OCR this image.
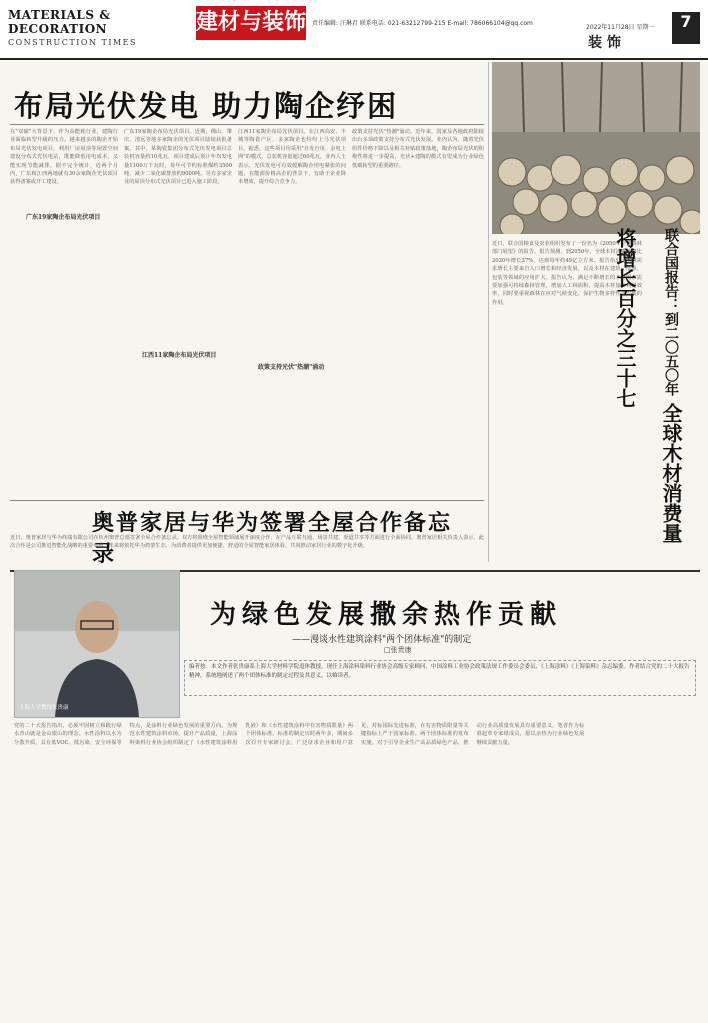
MATERIALS & DECORATION
CONSTRUCTION TIMES
建材与装饰 责任编辑: 汪琳君 联系电话: 021-63212799-215 E-mail: 786066104@qq.com
2022年11月28日 星期一
装 饰
7
布局光伏发电 助力陶企纾困
在"双碳"大背景下，作为高能耗行业，建陶行业面临转型升级的压力。越来越多的陶企开始布局光伏发电项目，利用厂房屋顶等闲置空间建设分布式光伏电站，既能降低用电成本，又能实现节能减排。据不完全统计，近两个月内，广东和江西两地就有30余家陶企光伏项目获得备案或开工建设。
广东19家陶企布局光伏项目
广东19家陶企布局光伏项目。近期，佛山、肇庆、清远等地多家陶企的光伏项目陆续获批备案。其中，某陶瓷集团分布式光伏发电项目总装机容量约10兆瓦，项目建成后预计年均发电量1100万千瓦时，每年可节约标准煤约3500吨，减少二氧化碳排放约9000吨。另有多家企业的屋顶分布式光伏项目已进入施工阶段。
江西11家陶企布局光伏项目
江西11家陶企布局光伏项目。在江西高安、丰城等陶瓷产区，多家陶企也纷纷上马光伏项目。据悉，这些项目均采用"自发自用、余电上网"的模式，总装机容量超过60兆瓦。业内人士表示，光伏发电可有效缓解陶企用电紧张的问题，在能源价格高企的背景下，有助于企业降本增效，提升综合竞争力。
政策支持光伏"热潮"涌动
政策支持光伏"热潮"涌动。近年来，国家及各地政府陆续出台多项政策支持分布式光伏发展。业内认为，随着光伏组件价格下降以及相关补贴政策落地，陶企布局光伏的积极性将进一步提高，光伏+建陶的模式有望成为行业绿色低碳转型的重要路径。
近日，联合国粮食及农业组织发布了一份名为《2050年全球森林部门展望》的报告。报告预测，到2050年，全球木材消费量将比2020年增长37%，达到每年约49亿立方米。报告指出，木材需求增长主要来自人口增长和经济发展，以及木材在建筑、能源、包装等领域的应用扩大。报告认为，满足不断增长的木材需求需要加强可持续森林管理，增加人工林面积，提高木材加工利用效率，同时要重视森林在应对气候变化、保护生物多样性等方面的作用。	联合国报告：到二〇五〇年 全球木材消费量将增长百分之三十七
奥普家居与华为签署全屋合作备忘录
近日，奥普家居与华为终端有限公司在杭州奥普总部签署全屋合作备忘录。双方将围绕全屋智能领域展开深度合作，在产品互联互通、场景共建、渠道共享等方面进行全面协同。奥普家居相关负责人表示，此次合作是公司推进智能化战略的重要举措，未来将依托华为鸿蒙生态，为消费者提供更加便捷、舒适的全屋智能家居体验，共同推动家居行业的数字化升级。
上海大学教授张贵康
为绿色发展撒余热作贡献
——漫谈水性建筑涂料"两个团体标准"的制定
□张贵康
编者按：本文作者张贵康系上海大学材料学院退休教授，现任上海涂料染料行业协会高级专家顾问、中国涂料工业协会政策法规工作委员会委员、《上海涂料》《上海染料》杂志编委。作者结合党的二十大报告精神，系统地阐述了两个团体标准的制定过程及其意义，以飨读者。
党的二十大报告指出，必须牢固树立和践行绿水青山就是金山银山的理念。水性涂料以水为分散介质，具有低VOC、低污染、安全环保等特点，是涂料行业绿色发展的重要方向。为规范水性建筑涂料市场，提升产品质量，上海涂料染料行业协会组织制定了《水性建筑涂料用乳液》和《水性建筑涂料中有害物质限量》两个团体标准。标准的制定历时两年多，期间多次召开专家研讨会，广泛征求企业和用户意见，对标国际先进标准，在有害物质限量等关键指标上严于国家标准。两个团体标准的发布实施，对于引导企业生产高品质绿色产品、推动行业高质量发展具有重要意义。笔者作为标准起草专家组成员，愿以余热为行业绿色发展继续贡献力量。
